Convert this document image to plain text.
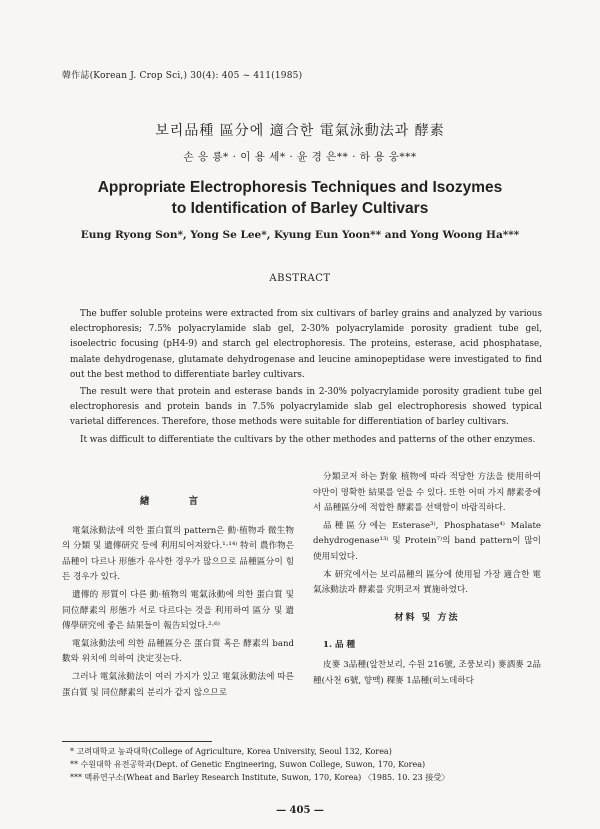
韓作誌(Korean J. Crop Sci,) 30(4): 405 ~ 411(1985)
보리品種 區分에 適合한 電氣泳動法과 酵素
손 응 룡* · 이 용 세* · 윤 경 은** · 하 용 웅***
Appropriate Electrophoresis Techniques and Isozymes
to Identification of Barley Cultivars
Eung Ryong Son*, Yong Se Lee*, Kyung Eun Yoon** and Yong Woong Ha***
ABSTRACT

The buffer soluble proteins were extracted from six cultivars of barley grains and analyzed by various electrophoresis; 7.5% polyacrylamide slab gel, 2-30% polyacrylamide porosity gradient tube gel, isoelectric focusing (pH4-9) and starch gel electrophoresis. The proteins, esterase, acid phosphatase, malate dehydrogenase, glutamate dehydrogenase and leucine aminopeptidase were investigated to find out the best method to differentiate barley cultivars.

The result were that protein and esterase bands in 2-30% polyacrylamide porosity gradient tube gel electrophoresis and protein bands in 7.5% polyacrylamide slab gel electrophoresis showed typical varietal differences. Therefore, those methods were suitable for differentiation of barley cultivars.

It was difficult to differentiate the cultivars by the other methodes and patterns of the other enzymes.

緖 言

電氣泳動法에 의한 蛋白質의 pattern은 動·植物과 微生物의 分類 및 遺傳研究 등에 利用되어져왔다.¹·¹⁴⁾ 特히 農作物은 品種이 다르나 形態가 유사한 경우가 많으므로 品種區分이 힘든 경우가 있다.

遺傳的 形質이 다른 動·植物의 電氣泳動에 의한 蛋白質 및 同位酵素의 形態가 서로 다르다는 것을 利用하여 區分 및 遺傳學研究에 좋은 結果들이 報告되었다.²·⁶⁾

電氣泳動法에 의한 品種區分은 蛋白質 혹은 酵素의 band數와 위치에 의하여 決定짓는다.

그러나 電氣泳動法이 여러 가지가 있고 電氣泳動法에 따른 蛋白質 및 同位酵素의 분리가 같지 않으므로

分類코저 하는 對象 植物에 따라 적당한 方法을 使用하여야만이 명확한 結果를 얻을 수 있다. 또한 어떠 가지 酵素중에서 品種區分에 적합한 酵素를 선택함이 바람직하다.

品種區分에는 Esterase³⁾, Phosphatase⁴⁾ Malate dehydrogenase¹³⁾ 및 Protein⁷⁾의 band pattern이 많이 使用되었다.

本 研究에서는 보리品種의 區分에 使用될 가장 適合한 電氣泳動法과 酵素를 究明코저 實施하였다.

材料 및 方法
1. 品 種

皮麥 3品種(앞찬보리, 수원 216號, 조풍보리) 麥酒麥 2品種(사천 6號, 향맥) 稞麥 1品種(히노데하다

* 고려대학교 농과대학(College of Agriculture, Korea University, Seoul 132, Korea)
** 수원대학 유전공학과(Dept. of Genetic Engineering, Suwon College, Suwon, 170, Korea)
*** 맥류연구소(Wheat and Barley Research Institute, Suwon, 170, Korea) 〈1985. 10. 23 接受〉
— 405 —
